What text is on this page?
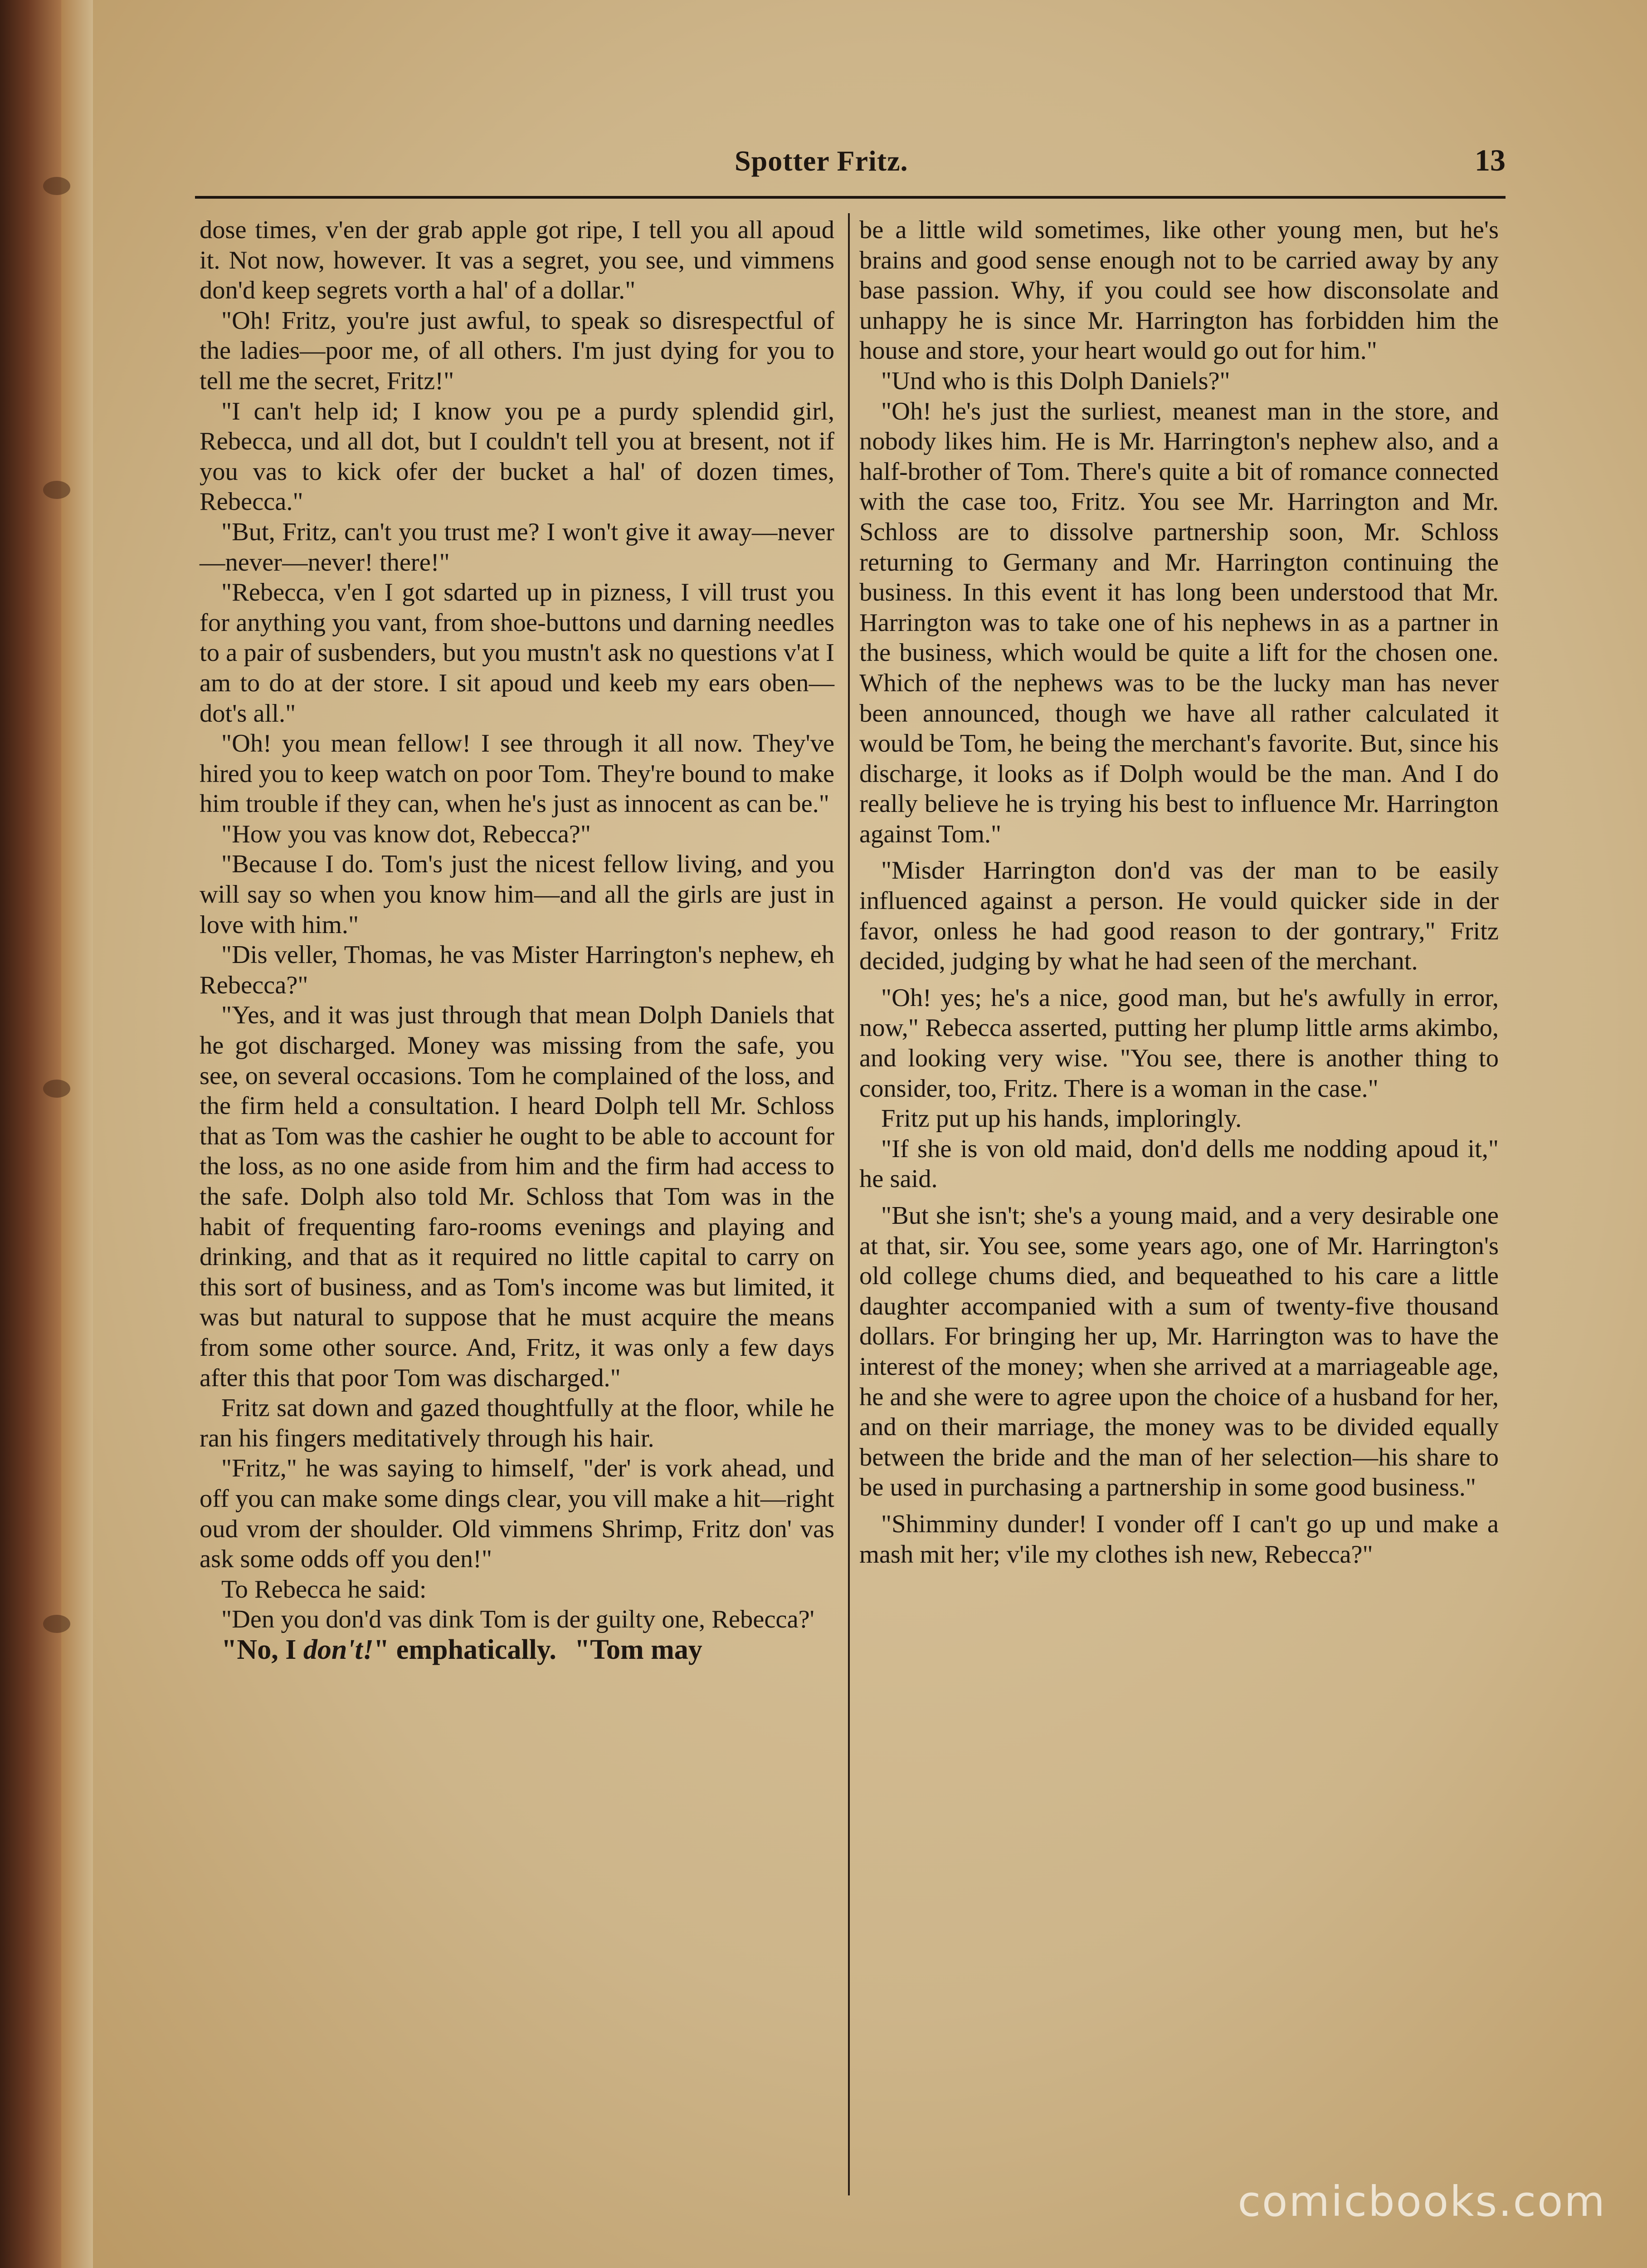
Spotter Fritz.	13

dose times, v'en der grab apple got ripe, I tell you all apoud it. Not now, however. It vas a segret, you see, und vimmens don'd keep segrets vorth a hal' of a dollar."

"Oh! Fritz, you're just awful, to speak so disrespectful of the ladies—poor me, of all others. I'm just dying for you to tell me the secret, Fritz!"

"I can't help id; I know you pe a purdy splendid girl, Rebecca, und all dot, but I couldn't tell you at bresent, not if you vas to kick ofer der bucket a hal' of dozen times, Rebecca."

"But, Fritz, can't you trust me? I won't give it away—never—never—never! there!"

"Rebecca, v'en I got sdarted up in pizness, I vill trust you for anything you vant, from shoe-buttons und darning needles to a pair of susbenders, but you mustn't ask no questions v'at I am to do at der store. I sit apoud und keeb my ears oben—dot's all."

"Oh! you mean fellow! I see through it all now. They've hired you to keep watch on poor Tom. They're bound to make him trouble if they can, when he's just as innocent as can be."

"How you vas know dot, Rebecca?"

"Because I do. Tom's just the nicest fellow living, and you will say so when you know him—and all the girls are just in love with him."

"Dis veller, Thomas, he vas Mister Harrington's nephew, eh Rebecca?"

"Yes, and it was just through that mean Dolph Daniels that he got discharged. Money was missing from the safe, you see, on several occasions. Tom he complained of the loss, and the firm held a consultation. I heard Dolph tell Mr. Schloss that as Tom was the cashier he ought to be able to account for the loss, as no one aside from him and the firm had access to the safe. Dolph also told Mr. Schloss that Tom was in the habit of frequenting faro-rooms evenings and playing and drinking, and that as it required no little capital to carry on this sort of business, and as Tom's income was but limited, it was but natural to suppose that he must acquire the means from some other source. And, Fritz, it was only a few days after this that poor Tom was discharged."

Fritz sat down and gazed thoughtfully at the floor, while he ran his fingers meditatively through his hair.

"Fritz," he was saying to himself, "der' is vork ahead, und off you can make some dings clear, you vill make a hit—right oud vrom der shoulder. Old vimmens Shrimp, Fritz don' vas ask some odds off you den!"

To Rebecca he said:

"Den you don'd vas dink Tom is der guilty one, Rebecca?'

"No, I don't!" emphatically. "Tom may

be a little wild sometimes, like other young men, but he's brains and good sense enough not to be carried away by any base passion. Why, if you could see how disconsolate and unhappy he is since Mr. Harrington has forbidden him the house and store, your heart would go out for him."

"Und who is this Dolph Daniels?"

"Oh! he's just the surliest, meanest man in the store, and nobody likes him. He is Mr. Harrington's nephew also, and a half-brother of Tom. There's quite a bit of romance connected with the case too, Fritz. You see Mr. Harrington and Mr. Schloss are to dissolve partnership soon, Mr. Schloss returning to Germany and Mr. Harrington continuing the business. In this event it has long been understood that Mr. Harrington was to take one of his nephews in as a partner in the business, which would be quite a lift for the chosen one. Which of the nephews was to be the lucky man has never been announced, though we have all rather calculated it would be Tom, he being the merchant's favorite. But, since his discharge, it looks as if Dolph would be the man. And I do really believe he is trying his best to influence Mr. Harrington against Tom."

"Misder Harrington don'd vas der man to be easily influenced against a person. He vould quicker side in der favor, onless he had good reason to der gontrary," Fritz decided, judging by what he had seen of the merchant.

"Oh! yes; he's a nice, good man, but he's awfully in error, now," Rebecca asserted, putting her plump little arms akimbo, and looking very wise. "You see, there is another thing to consider, too, Fritz. There is a woman in the case."

Fritz put up his hands, imploringly.

"If she is von old maid, don'd dells me nodding apoud it," he said.

"But she isn't; she's a young maid, and a very desirable one at that, sir. You see, some years ago, one of Mr. Harrington's old college chums died, and bequeathed to his care a little daughter accompanied with a sum of twenty-five thousand dollars. For bringing her up, Mr. Harrington was to have the interest of the money; when she arrived at a marriageable age, he and she were to agree upon the choice of a husband for her, and on their marriage, the money was to be divided equally between the bride and the man of her selection—his share to be used in purchasing a partnership in some good business."

"Shimminy dunder! I vonder off I can't go up und make a mash mit her; v'ile my clothes ish new, Rebecca?"

comicbooks.com
